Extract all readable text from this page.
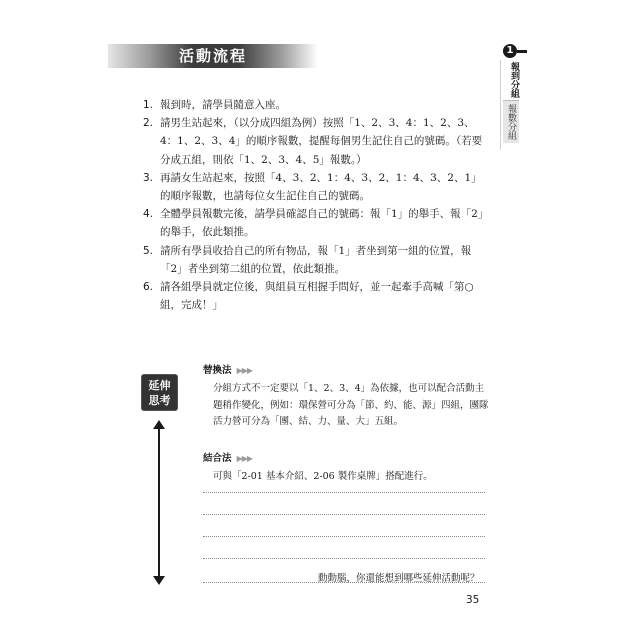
活動流程	1
報到分組
報數分組
1. 報到時，請學員隨意入座。
2. 請男生站起來，（以分成四組為例）按照「1、2、3、4：1、2、3、4：1、2、3、4」的順序報數，提醒每個男生記住自己的號碼。（若要分成五組，則依「1、2、3、4、5」報數。）
3. 再請女生站起來，按照「4、3、2、1：4、3、2、1：4、3、2、1」的順序報數，也請每位女生記住自己的號碼。
4. 全體學員報數完後，請學員確認自己的號碼：報「1」的舉手、報「2」的舉手，依此類推。
5. 請所有學員收拾自己的所有物品，報「1」者坐到第一組的位置，報「2」者坐到第二組的位置，依此類推。
6. 請各組學員就定位後，與組員互相握手問好，並一起牽手高喊「第○組，完成！」
延伸
思考
替換法 ▶▶▶
分組方式不一定要以「1、2、3、4」為依據，也可以配合活動主題稍作變化，例如：環保營可分為「節、約、能、源」四組，團隊活力營可分為「團、結、力、量、大」五組。
結合法 ▶▶▶
可與「2-01 基本介紹、2-06 製作桌牌」搭配進行。
動動腦，你還能想到哪些延伸活動呢？
35
